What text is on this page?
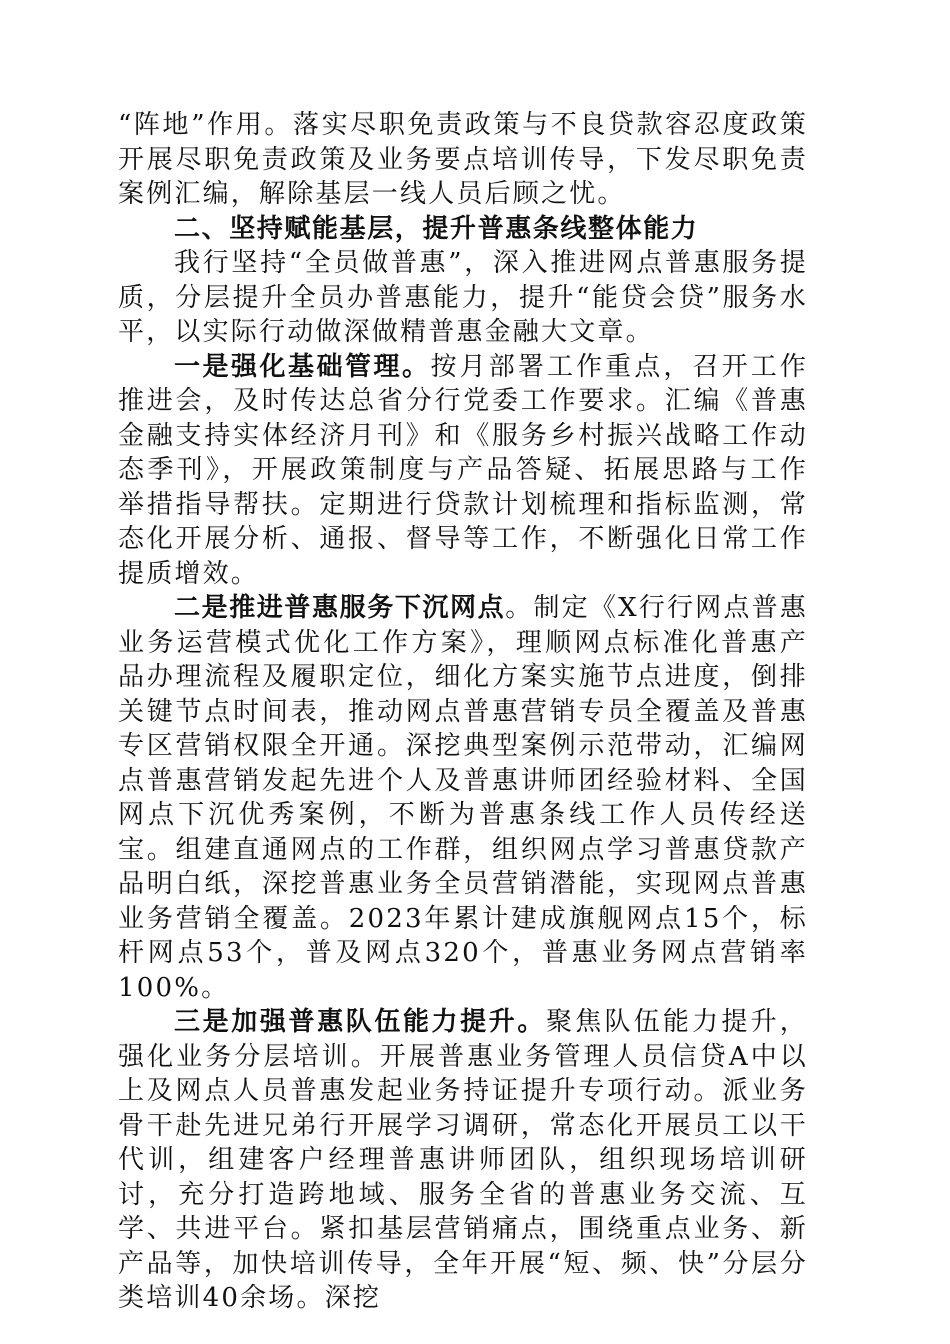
“阵地”作用。落实尽职免责政策与不良贷款容忍度政策开展尽职免责政策及业务要点培训传导，下发尽职免责案例汇编，解除基层一线人员后顾之忧。

二、坚持赋能基层，提升普惠条线整体能力

我行坚持“全员做普惠”，深入推进网点普惠服务提质，分层提升全员办普惠能力，提升“能贷会贷”服务水平，以实际行动做深做精普惠金融大文章。

一是强化基础管理。按月部署工作重点，召开工作推进会，及时传达总省分行党委工作要求。汇编《普惠金融支持实体经济月刊》和《服务乡村振兴战略工作动态季刊》，开展政策制度与产品答疑、拓展思路与工作举措指导帮扶。定期进行贷款计划梳理和指标监测，常态化开展分析、通报、督导等工作，不断强化日常工作提质增效。

二是推进普惠服务下沉网点。制定《X行行网点普惠业务运营模式优化工作方案》，理顺网点标准化普惠产品办理流程及履职定位，细化方案实施节点进度，倒排关键节点时间表，推动网点普惠营销专员全覆盖及普惠专区营销权限全开通。深挖典型案例示范带动，汇编网点普惠营销发起先进个人及普惠讲师团经验材料、全国网点下沉优秀案例，不断为普惠条线工作人员传经送宝。组建直通网点的工作群，组织网点学习普惠贷款产品明白纸，深挖普惠业务全员营销潜能，实现网点普惠业务营销全覆盖。2023年累计建成旗舰网点15个，标杆网点53个，普及网点320个，普惠业务网点营销率100%。

三是加强普惠队伍能力提升。聚焦队伍能力提升，强化业务分层培训。开展普惠业务管理人员信贷A中以上及网点人员普惠发起业务持证提升专项行动。派业务骨干赴先进兄弟行开展学习调研，常态化开展员工以干代训，组建客户经理普惠讲师团队，组织现场培训研讨，充分打造跨地域、服务全省的普惠业务交流、互学、共进平台。紧扣基层营销痛点，围绕重点业务、新产品等，加快培训传导，全年开展“短、频、快”分层分类培训40余场。深挖
